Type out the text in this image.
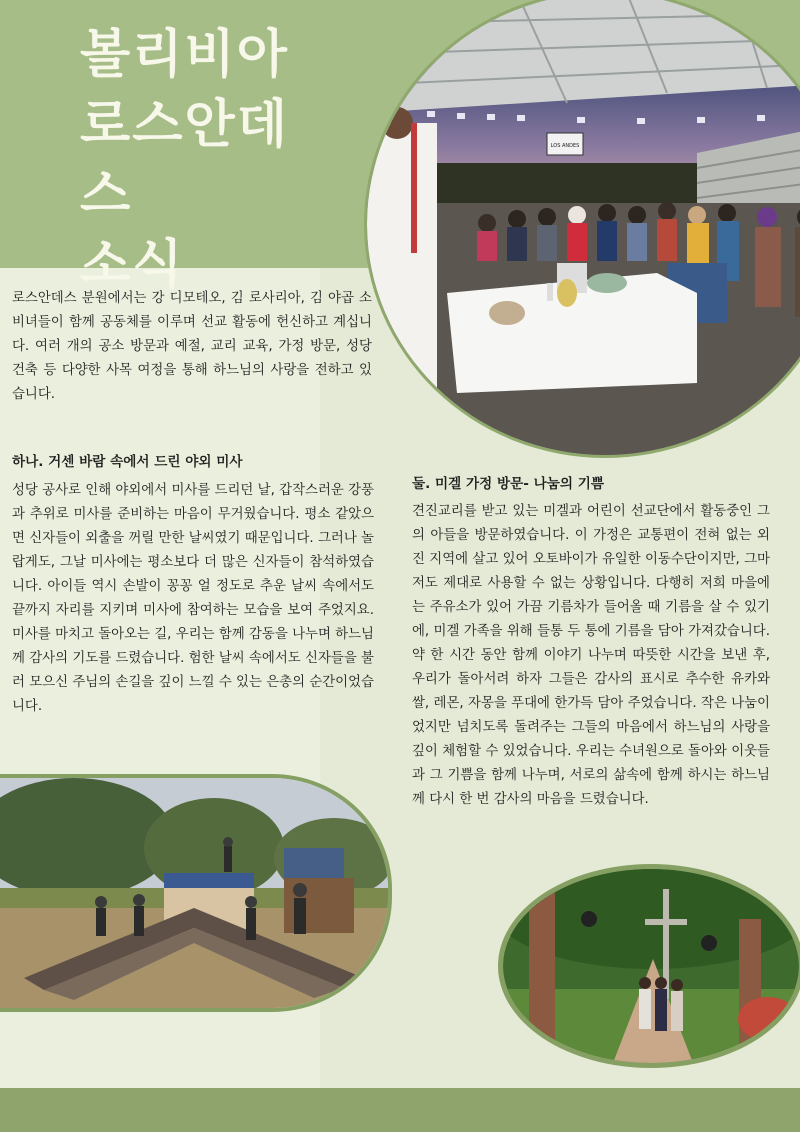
볼리비아
로스안데스
소식
LOS ANDES

로스안데스 분원에서는 강 디모테오, 김 로사리아, 김 야곱 소비녀들이 함께 공동체를 이루며 선교 활동에 헌신하고 계십니다. 여러 개의 공소 방문과 예절, 교리 교육, 가정 방문, 성당 건축 등 다양한 사목 여정을 통해 하느님의 사랑을 전하고 있습니다.

하나. 거센 바람 속에서 드린 야외 미사

성당 공사로 인해 야외에서 미사를 드리던 날, 갑작스러운 강풍과 추위로 미사를 준비하는 마음이 무거웠습니다. 평소 같았으면 신자들이 외출을 꺼릴 만한 날씨였기 때문입니다. 그러나 놀랍게도, 그날 미사에는 평소보다 더 많은 신자들이 참석하였습니다. 아이들 역시 손발이 꽁꽁 얼 정도로 추운 날씨 속에서도 끝까지 자리를 지키며 미사에 참여하는 모습을 보여 주었지요. 미사를 마치고 돌아오는 길, 우리는 함께 감동을 나누며 하느님께 감사의 기도를 드렸습니다. 험한 날씨 속에서도 신자들을 불러 모으신 주님의 손길을 깊이 느낄 수 있는 은총의 순간이었습니다.

둘. 미겔 가정 방문- 나눔의 기쁨

견진교리를 받고 있는 미겔과 어린이 선교단에서 활동중인 그의 아들을 방문하였습니다. 이 가정은 교통편이 전혀 없는 외진 지역에 살고 있어 오토바이가 유일한 이동수단이지만, 그마저도 제대로 사용할 수 없는 상황입니다. 다행히 저희 마을에는 주유소가 있어 가끔 기름차가 들어올 때 기름을 살 수 있기에, 미겔 가족을 위해 들통 두 통에 기름을 담아 가져갔습니다. 약 한 시간 동안 함께 이야기 나누며 따뜻한 시간을 보낸 후, 우리가 돌아서려 하자 그들은 감사의 표시로 추수한 유카와 쌀, 레몬, 자몽을 푸대에 한가득 담아 주었습니다. 작은 나눔이었지만 넘치도록 돌려주는 그들의 마음에서 하느님의 사랑을 깊이 체험할 수 있었습니다. 우리는 수녀원으로 돌아와 이웃들과 그 기쁨을 함께 나누며, 서로의 삶속에 함께 하시는 하느님께 다시 한 번 감사의 마음을 드렸습니다.
